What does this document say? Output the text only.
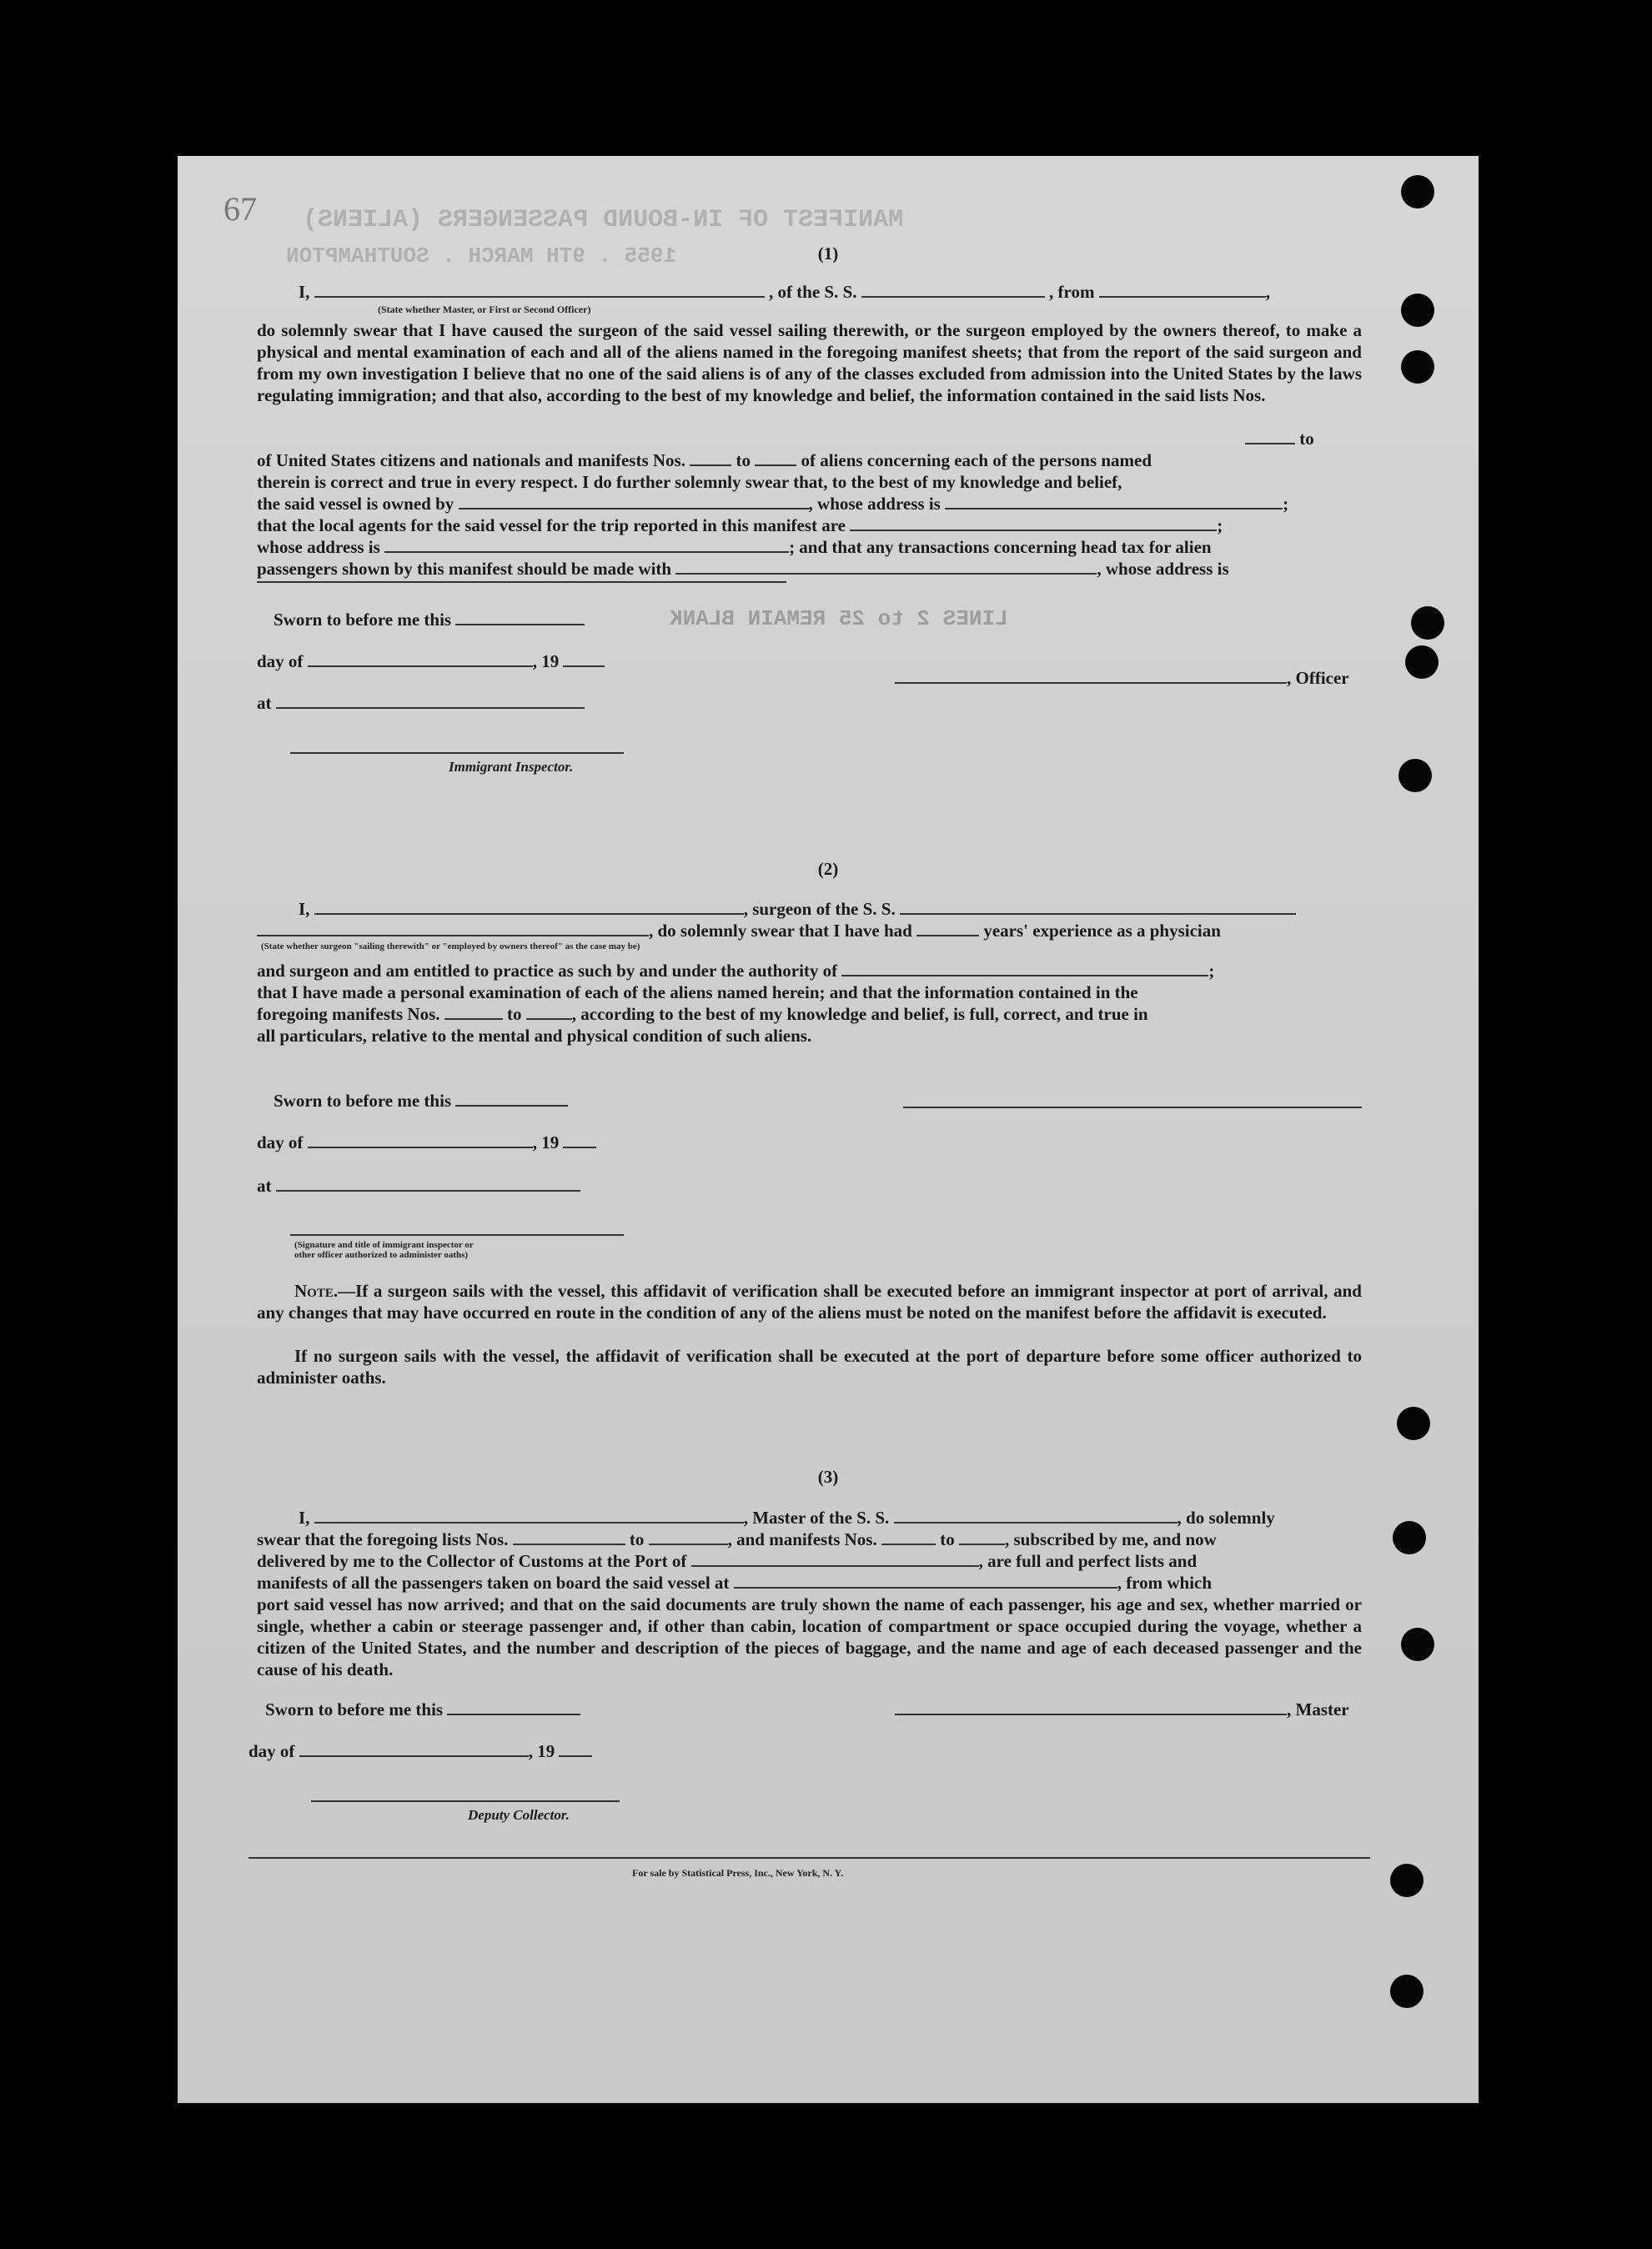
MANIFEST OF IN-BOUND PASSENGERS (ALIENS)
1955 . 9TH MARCH . SOUTHAMPTON
LINES 2 to 25 REMAIN BLANK
67
(1)
I,	, of the S. S.	, from	,
(State whether Master, or First or Second Officer)
do solemnly swear that I have caused the surgeon of the said vessel sailing therewith, or the surgeon employed by the owners thereof, to make a physical and mental examination of each and all of the aliens named in the foregoing manifest sheets; that from the report of the said surgeon and from my own investigation I believe that no one of the said aliens is of any of the classes excluded from admission into the United States by the laws regulating immigration; and that also, according to the best of my knowledge and belief, the information contained in the said lists Nos.
to
of United States citizens and nationals and manifests Nos.	to	of aliens concerning each of the persons named
therein is correct and true in every respect. I do further solemnly swear that, to the best of my knowledge and belief,
the said vessel is owned by	, whose address is	;
that the local agents for the said vessel for the trip reported in this manifest are	;
whose address is	; and that any transactions concerning head tax for alien
passengers shown by this manifest should be made with	, whose address is
Sworn to before me this
day of	, 19
, Officer
at
Immigrant Inspector.
(2)
I,	, surgeon of the S. S.
, do solemnly swear that I have had	years' experience as a physician
(State whether surgeon "sailing therewith" or "employed by owners thereof" as the case may be)
and surgeon and am entitled to practice as such by and under the authority of	;
that I have made a personal examination of each of the aliens named herein; and that the information contained in the
foregoing manifests Nos.	to	, according to the best of my knowledge and belief, is full, correct, and true in
all particulars, relative to the mental and physical condition of such aliens.
Sworn to before me this
day of	, 19
at
(Signature and title of immigrant inspector or
other officer authorized to administer oaths)
Note.—If a surgeon sails with the vessel, this affidavit of verification shall be executed before an immigrant inspector at port of arrival, and any changes that may have occurred en route in the condition of any of the aliens must be noted on the manifest before the affidavit is executed.
If no surgeon sails with the vessel, the affidavit of verification shall be executed at the port of departure before some officer authorized to administer oaths.
(3)
I,	, Master of the S. S.	, do solemnly
swear that the foregoing lists Nos.	to	, and manifests Nos.	to	, subscribed by me, and now
delivered by me to the Collector of Customs at the Port of	, are full and perfect lists and
manifests of all the passengers taken on board the said vessel at	, from which
port said vessel has now arrived; and that on the said documents are truly shown the name of each passenger, his age and sex, whether married or single, whether a cabin or steerage passenger and, if other than cabin, location of compartment or space occupied during the voyage, whether a citizen of the United States, and the number and description of the pieces of baggage, and the name and age of each deceased passenger and the cause of his death.
Sworn to before me this	, Master
day of	, 19
Deputy Collector.
For sale by Statistical Press, Inc., New York, N. Y.
